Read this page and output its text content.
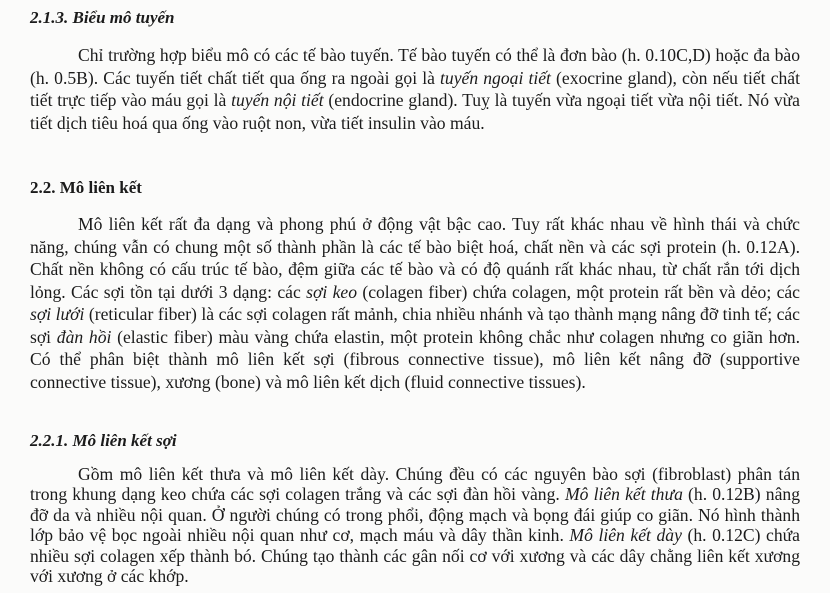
2.1.3. Biểu mô tuyến

Chỉ trường hợp biểu mô có các tế bào tuyến. Tế bào tuyến có thể là đơn bào (h. 0.10C,D) hoặc đa bào (h. 0.5B). Các tuyến tiết chất tiết qua ống ra ngoài gọi là tuyến ngoại tiết (exocrine gland), còn nếu tiết chất tiết trực tiếp vào máu gọi là tuyến nội tiết (endocrine gland). Tuỵ là tuyến vừa ngoại tiết vừa nội tiết. Nó vừa tiết dịch tiêu hoá qua ống vào ruột non, vừa tiết insulin vào máu.

2.2. Mô liên kết

Mô liên kết rất đa dạng và phong phú ở động vật bậc cao. Tuy rất khác nhau về hình thái và chức năng, chúng vẫn có chung một số thành phần là các tế bào biệt hoá, chất nền và các sợi protein (h. 0.12A). Chất nền không có cấu trúc tế bào, đệm giữa các tế bào và có độ quánh rất khác nhau, từ chất rắn tới dịch lỏng. Các sợi tồn tại dưới 3 dạng: các sợi keo (colagen fiber) chứa colagen, một protein rất bền và dẻo; các sợi lưới (reticular fiber) là các sợi colagen rất mảnh, chia nhiều nhánh và tạo thành mạng nâng đỡ tinh tế; các sợi đàn hồi (elastic fiber) màu vàng chứa elastin, một protein không chắc như colagen nhưng co giãn hơn. Có thể phân biệt thành mô liên kết sợi (fibrous connective tissue), mô liên kết nâng đỡ (supportive connective tissue), xương (bone) và mô liên kết dịch (fluid connective tissues).

2.2.1. Mô liên kết sợi

Gồm mô liên kết thưa và mô liên kết dày. Chúng đều có các nguyên bào sợi (fibroblast) phân tán trong khung dạng keo chứa các sợi colagen trắng và các sợi đàn hồi vàng. Mô liên kết thưa (h. 0.12B) nâng đỡ da và nhiều nội quan. Ở người chúng có trong phổi, động mạch và bọng đái giúp co giãn. Nó hình thành lớp bảo vệ bọc ngoài nhiều nội quan như cơ, mạch máu và dây thần kinh. Mô liên kết dày (h. 0.12C) chứa nhiều sợi colagen xếp thành bó. Chúng tạo thành các gân nối cơ với xương và các dây chằng liên kết xương với xương ở các khớp.
